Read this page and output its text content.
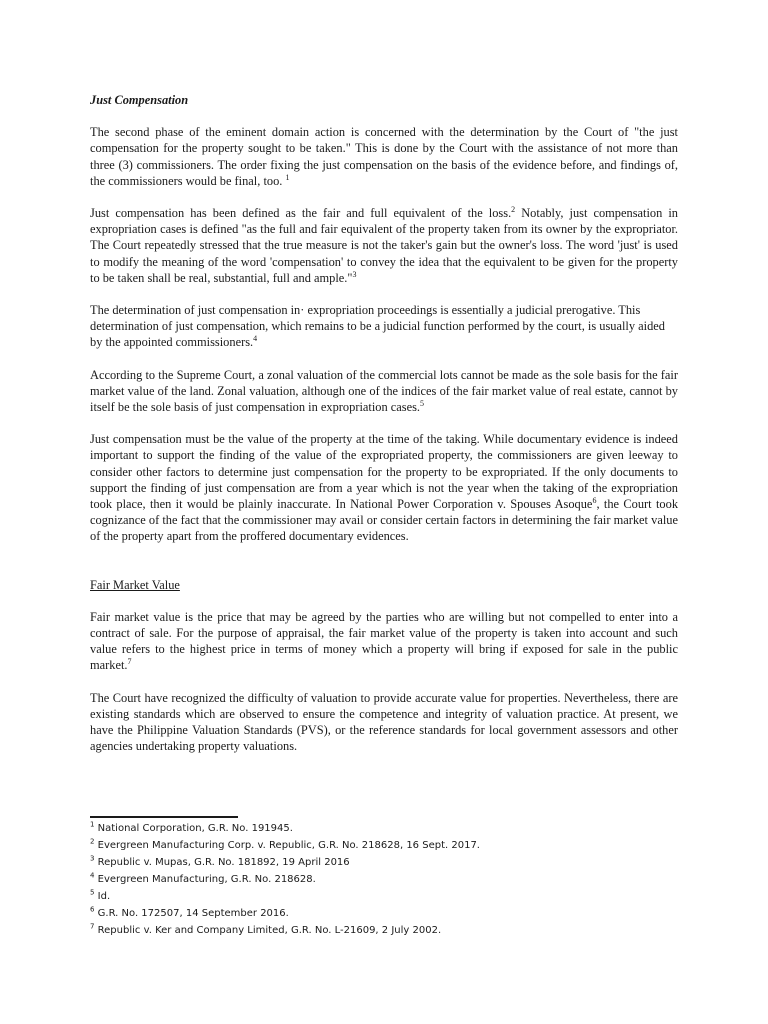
Just Compensation

The second phase of the eminent domain action is concerned with the determination by the Court of "the just compensation for the property sought to be taken." This is done by the Court with the assistance of not more than three (3) commissioners. The order fixing the just compensation on the basis of the evidence before, and findings of, the commissioners would be final, too. $^1$

Just compensation has been defined as the fair and full equivalent of the loss.$^2$ Notably, just compensation in expropriation cases is defined "as the full and fair equivalent of the property taken from its owner by the expropriator. The Court repeatedly stressed that the true measure is not the taker's gain but the owner's loss. The word 'just' is used to modify the meaning of the word 'compensation' to convey the idea that the equivalent to be given for the property to be taken shall be real, substantial, full and ample."$^3$

The determination of just compensation in· expropriation proceedings is essentially a judicial prerogative. This determination of just compensation, which remains to be a judicial function performed by the court, is usually aided by the appointed commissioners.$^4$

According to the Supreme Court, a zonal valuation of the commercial lots cannot be made as the sole basis for the fair market value of the land. Zonal valuation, although one of the indices of the fair market value of real estate, cannot by itself be the sole basis of just compensation in expropriation cases.$^5$

Just compensation must be the value of the property at the time of the taking. While documentary evidence is indeed important to support the finding of the value of the expropriated property, the commissioners are given leeway to consider other factors to determine just compensation for the property to be expropriated. If the only documents to support the finding of just compensation are from a year which is not the year when the taking of the expropriation took place, then it would be plainly inaccurate. In National Power Corporation v. Spouses Asoque$^6$, the Court took cognizance of the fact that the commissioner may avail or consider certain factors in determining the fair market value of the property apart from the proffered documentary evidences.

Fair Market Value

Fair market value is the price that may be agreed by the parties who are willing but not compelled to enter into a contract of sale. For the purpose of appraisal, the fair market value of the property is taken into account and such value refers to the highest price in terms of money which a property will bring if exposed for sale in the public market.$^7$

The Court have recognized the difficulty of valuation to provide accurate value for properties. Nevertheless, there are existing standards which are observed to ensure the competence and integrity of valuation practice. At present, we have the Philippine Valuation Standards (PVS), or the reference standards for local government assessors and other agencies undertaking property valuations.

$^1$ National Corporation, G.R. No. 191945.
$^2$ Evergreen Manufacturing Corp. v. Republic, G.R. No. 218628, 16 Sept. 2017.
$^3$ Republic v. Mupas, G.R. No. 181892, 19 April 2016
$^4$ Evergreen Manufacturing, G.R. No. 218628.
$^5$ Id.
$^6$ G.R. No. 172507, 14 September 2016.
$^7$ Republic v. Ker and Company Limited, G.R. No. L-21609, 2 July 2002.
